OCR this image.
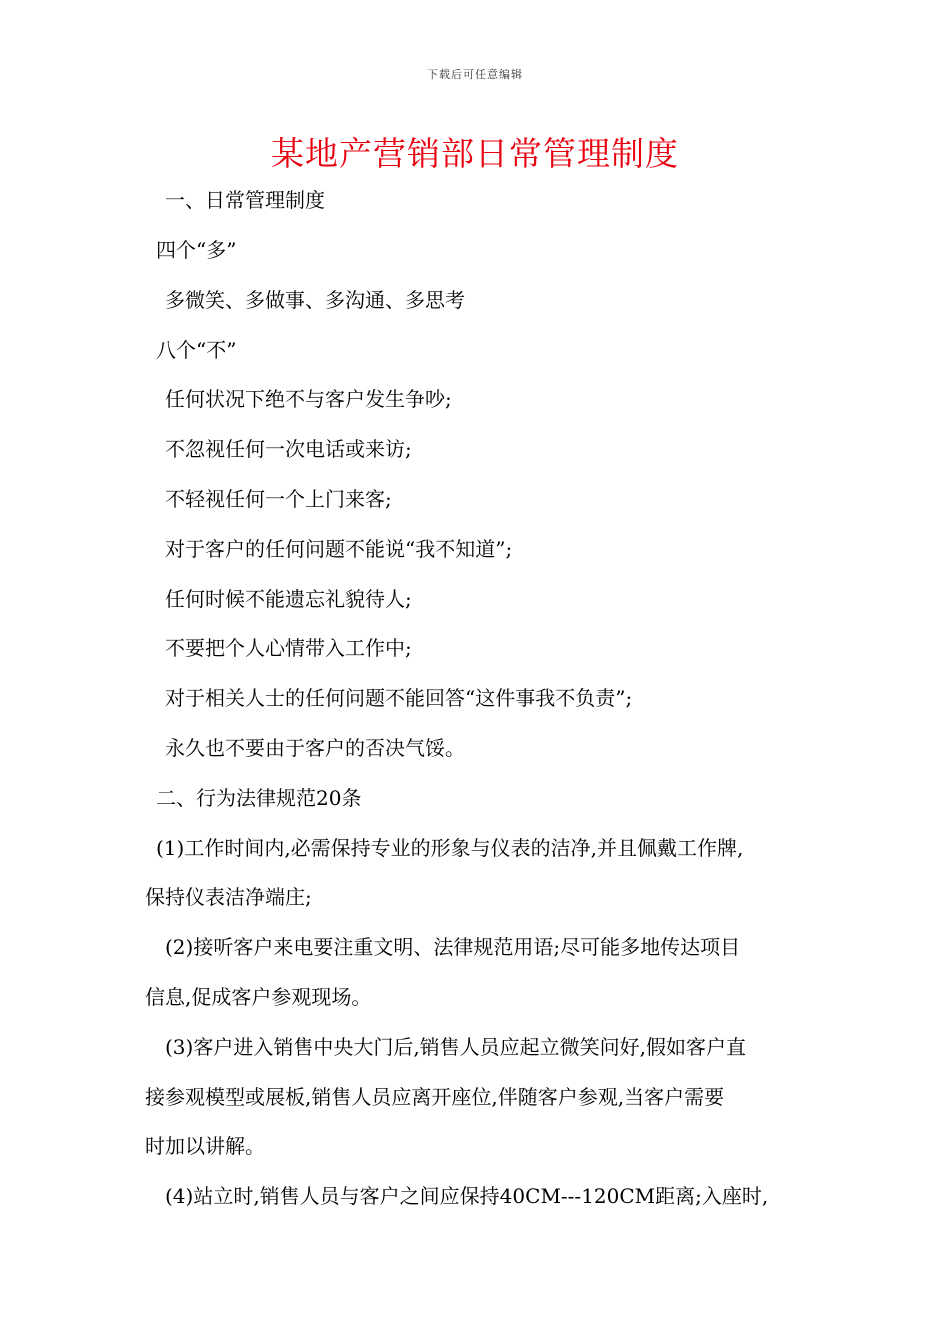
下载后可任意编辑
某地产营销部日常管理制度
一、日常管理制度
四个“多”
多微笑、多做事、多沟通、多思考
八个“不”
任何状况下绝不与客户发生争吵;
不忽视任何一次电话或来访;
不轻视任何一个上门来客;
对于客户的任何问题不能说“我不知道”;
任何时候不能遗忘礼貌待人;
不要把个人心情带入工作中;
对于相关人士的任何问题不能回答“这件事我不负责”;
永久也不要由于客户的否决气馁。
二、行为法律规范20条
(1)工作时间内,必需保持专业的形象与仪表的洁净,并且佩戴工作牌,
保持仪表洁净端庄;
(2)接听客户来电要注重文明、法律规范用语;尽可能多地传达项目
信息,促成客户参观现场。
(3)客户进入销售中央大门后,销售人员应起立微笑问好,假如客户直
接参观模型或展板,销售人员应离开座位,伴随客户参观,当客户需要
时加以讲解。
(4)站立时,销售人员与客户之间应保持40CM---120CM距离;入座时,
